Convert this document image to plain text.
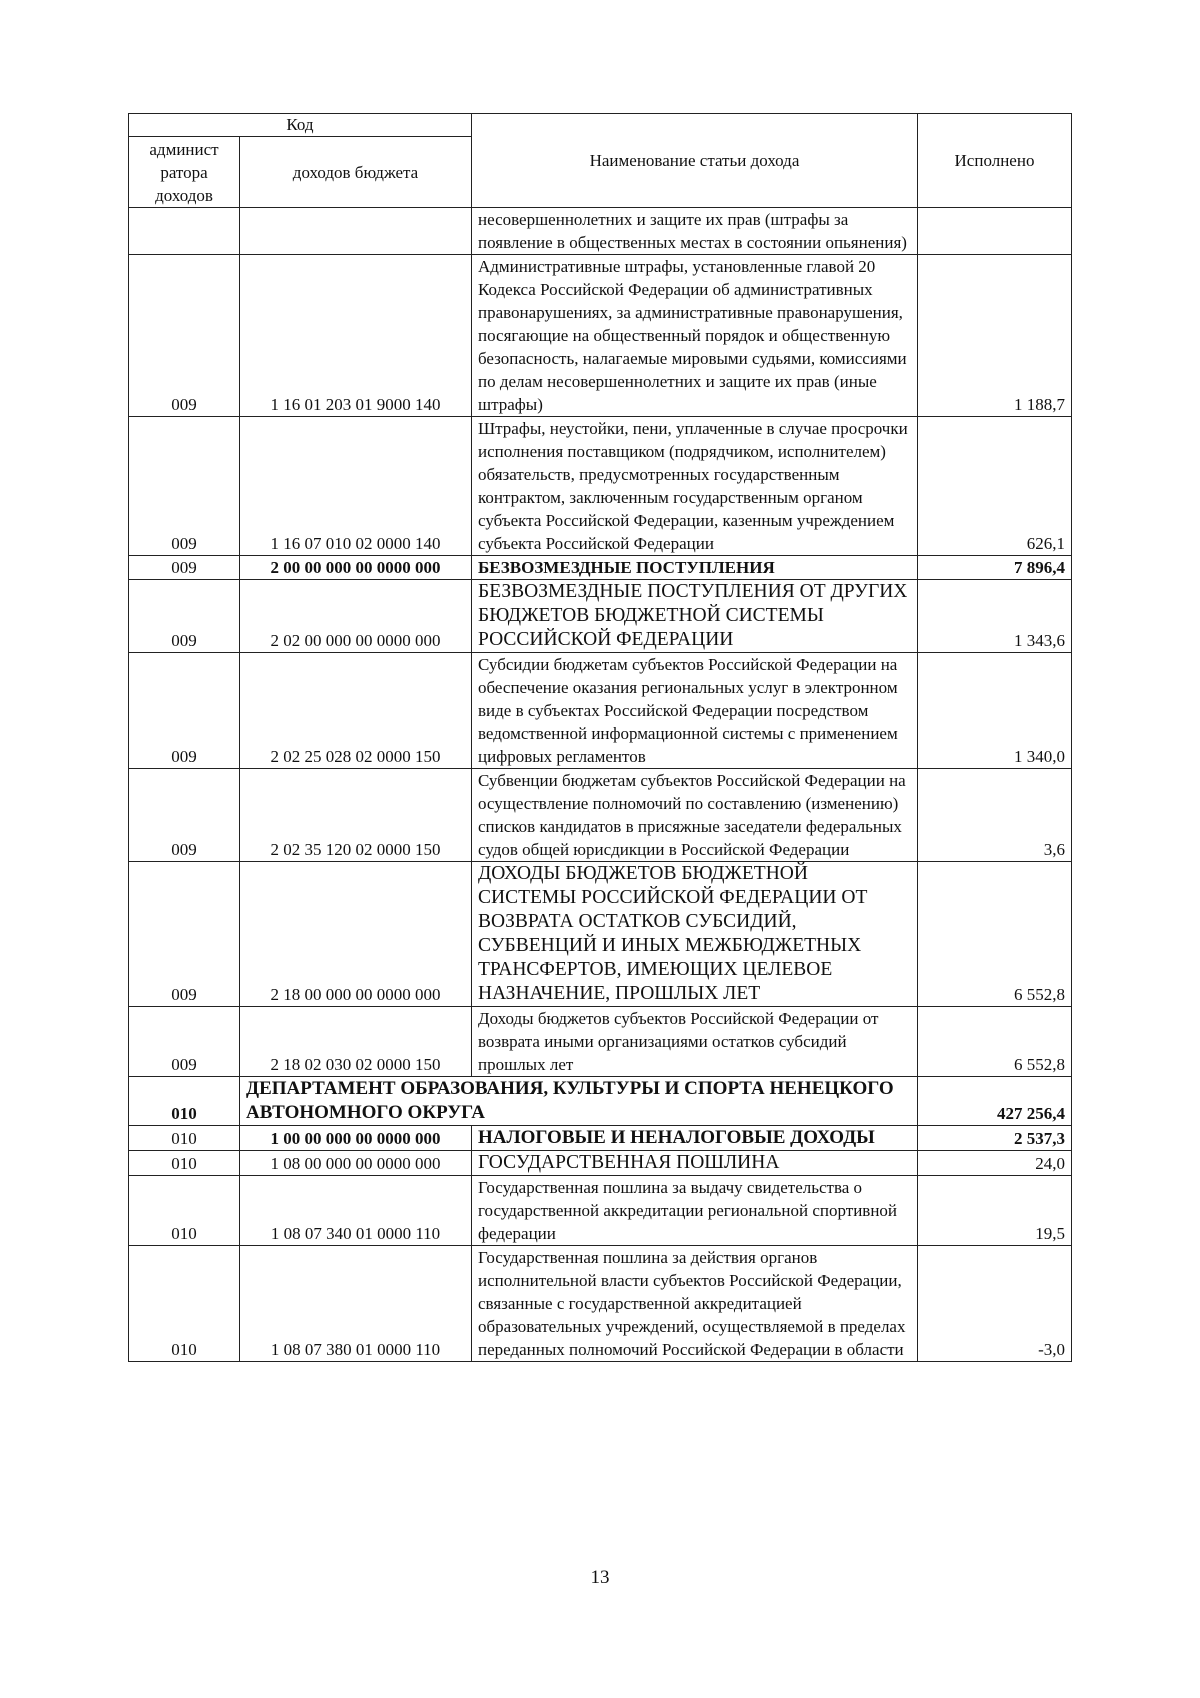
Код		Наименование статьи дохода	Исполнено
админист ратора доходов	доходов бюджета		
		несовершеннолетних и защите их прав (штрафы за появление в общественных местах в состоянии опьянения)	
009	1 16 01 203 01 9000 140	Административные штрафы, установленные главой 20 Кодекса Российской Федерации об административных правонарушениях, за административные правонарушения, посягающие на общественный порядок и общественную безопасность, налагаемые мировыми судьями, комиссиями по делам несовершеннолетних и защите их прав (иные штрафы)	1 188,7
009	1 16 07 010 02 0000 140	Штрафы, неустойки, пени, уплаченные в случае просрочки исполнения поставщиком (подрядчиком, исполнителем) обязательств, предусмотренных государственным контрактом, заключенным государственным органом субъекта Российской Федерации, казенным учреждением субъекта Российской Федерации	626,1
009	2 00 00 000 00 0000 000	БЕЗВОЗМЕЗДНЫЕ ПОСТУПЛЕНИЯ	7 896,4
009	2 02 00 000 00 0000 000	БЕЗВОЗМЕЗДНЫЕ ПОСТУПЛЕНИЯ ОТ ДРУГИХ БЮДЖЕТОВ БЮДЖЕТНОЙ СИСТЕМЫ РОССИЙСКОЙ ФЕДЕРАЦИИ	1 343,6
009	2 02 25 028 02 0000 150	Субсидии бюджетам субъектов Российской Федерации на обеспечение оказания региональных услуг в электронном виде в субъектах Российской Федерации посредством ведомственной информационной системы с применением цифровых регламентов	1 340,0
009	2 02 35 120 02 0000 150	Субвенции бюджетам субъектов Российской Федерации на осуществление полномочий по составлению (изменению) списков кандидатов в присяжные заседатели федеральных судов общей юрисдикции в Российской Федерации	3,6
009	2 18 00 000 00 0000 000	ДОХОДЫ БЮДЖЕТОВ БЮДЖЕТНОЙ СИСТЕМЫ РОССИЙСКОЙ ФЕДЕРАЦИИ ОТ ВОЗВРАТА ОСТАТКОВ СУБСИДИЙ, СУБВЕНЦИЙ И ИНЫХ МЕЖБЮДЖЕТНЫХ ТРАНСФЕРТОВ, ИМЕЮЩИХ ЦЕЛЕВОЕ НАЗНАЧЕНИЕ, ПРОШЛЫХ ЛЕТ	6 552,8
009	2 18 02 030 02 0000 150	Доходы бюджетов субъектов Российской Федерации от возврата иными организациями остатков субсидий прошлых лет	6 552,8
010	ДЕПАРТАМЕНТ ОБРАЗОВАНИЯ, КУЛЬТУРЫ И СПОРТА НЕНЕЦКОГО АВТОНОМНОГО ОКРУГА		427 256,4
010	1 00 00 000 00 0000 000	НАЛОГОВЫЕ И НЕНАЛОГОВЫЕ ДОХОДЫ	2 537,3
010	1 08 00 000 00 0000 000	ГОСУДАРСТВЕННАЯ ПОШЛИНА	24,0
010	1 08 07 340 01 0000 110	Государственная пошлина за выдачу свидетельства о государственной аккредитации региональной спортивной федерации	19,5
010	1 08 07 380 01 0000 110	Государственная пошлина за действия органов исполнительной власти субъектов Российской Федерации, связанные с государственной аккредитацией образовательных учреждений, осуществляемой в пределах переданных полномочий Российской Федерации в области	-3,0
13
